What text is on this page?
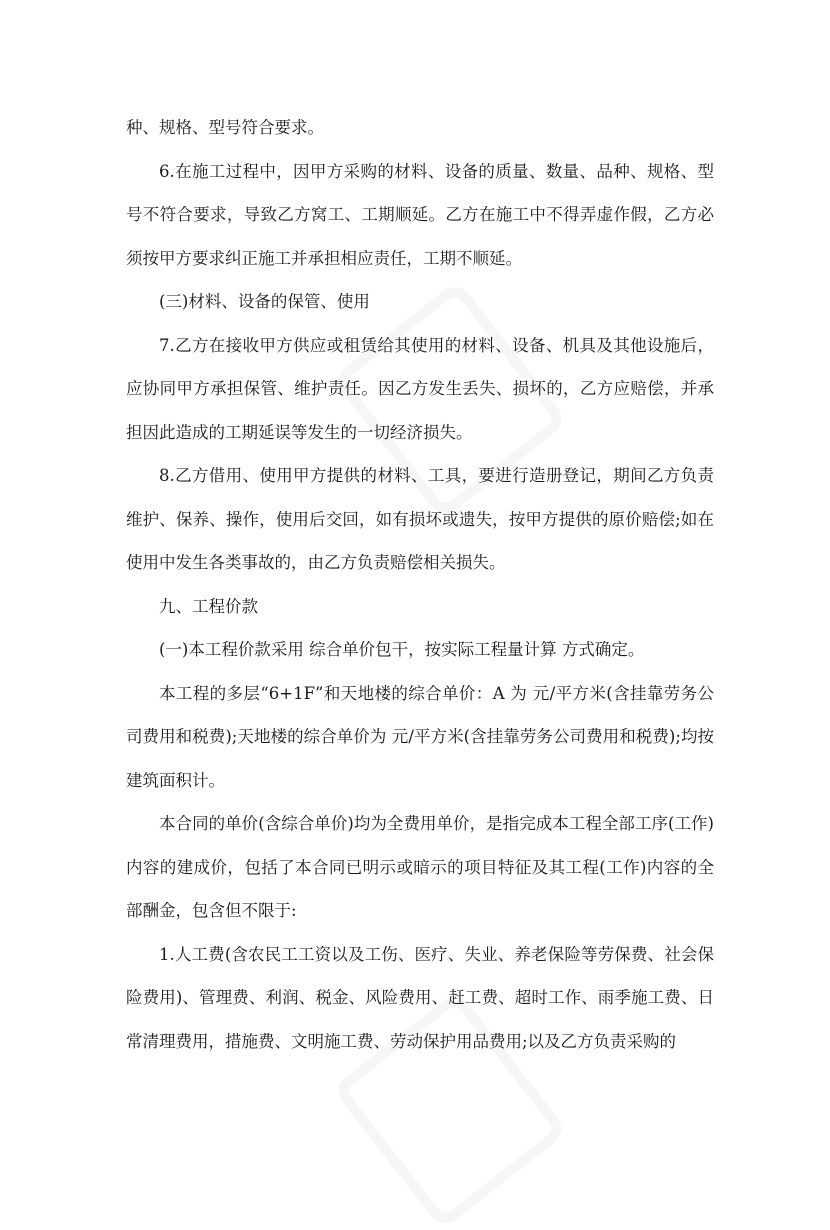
种、规格、型号符合要求。

6.在施工过程中，因甲方采购的材料、设备的质量、数量、品种、规格、型号不符合要求，导致乙方窝工、工期顺延。乙方在施工中不得弄虚作假，乙方必须按甲方要求纠正施工并承担相应责任，工期不顺延。

(三)材料、设备的保管、使用

7.乙方在接收甲方供应或租赁给其使用的材料、设备、机具及其他设施后，应协同甲方承担保管、维护责任。因乙方发生丢失、损坏的，乙方应赔偿，并承担因此造成的工期延误等发生的一切经济损失。

8.乙方借用、使用甲方提供的材料、工具，要进行造册登记，期间乙方负责维护、保养、操作，使用后交回，如有损坏或遗失，按甲方提供的原价赔偿;如在使用中发生各类事故的，由乙方负责赔偿相关损失。

九、工程价款

(一)本工程价款采用 综合单价包干，按实际工程量计算 方式确定。

本工程的多层“6+1F”和天地楼的综合单价：A 为 元/平方米(含挂靠劳务公司费用和税费);天地楼的综合单价为 元/平方米(含挂靠劳务公司费用和税费);均按建筑面积计。

本合同的单价(含综合单价)均为全费用单价，是指完成本工程全部工序(工作)内容的建成价，包括了本合同已明示或暗示的项目特征及其工程(工作)内容的全部酬金，包含但不限于:

1.人工费(含农民工工资以及工伤、医疗、失业、养老保险等劳保费、社会保险费用)、管理费、利润、税金、风险费用、赶工费、超时工作、雨季施工费、日常清理费用，措施费、文明施工费、劳动保护用品费用;以及乙方负责采购的
